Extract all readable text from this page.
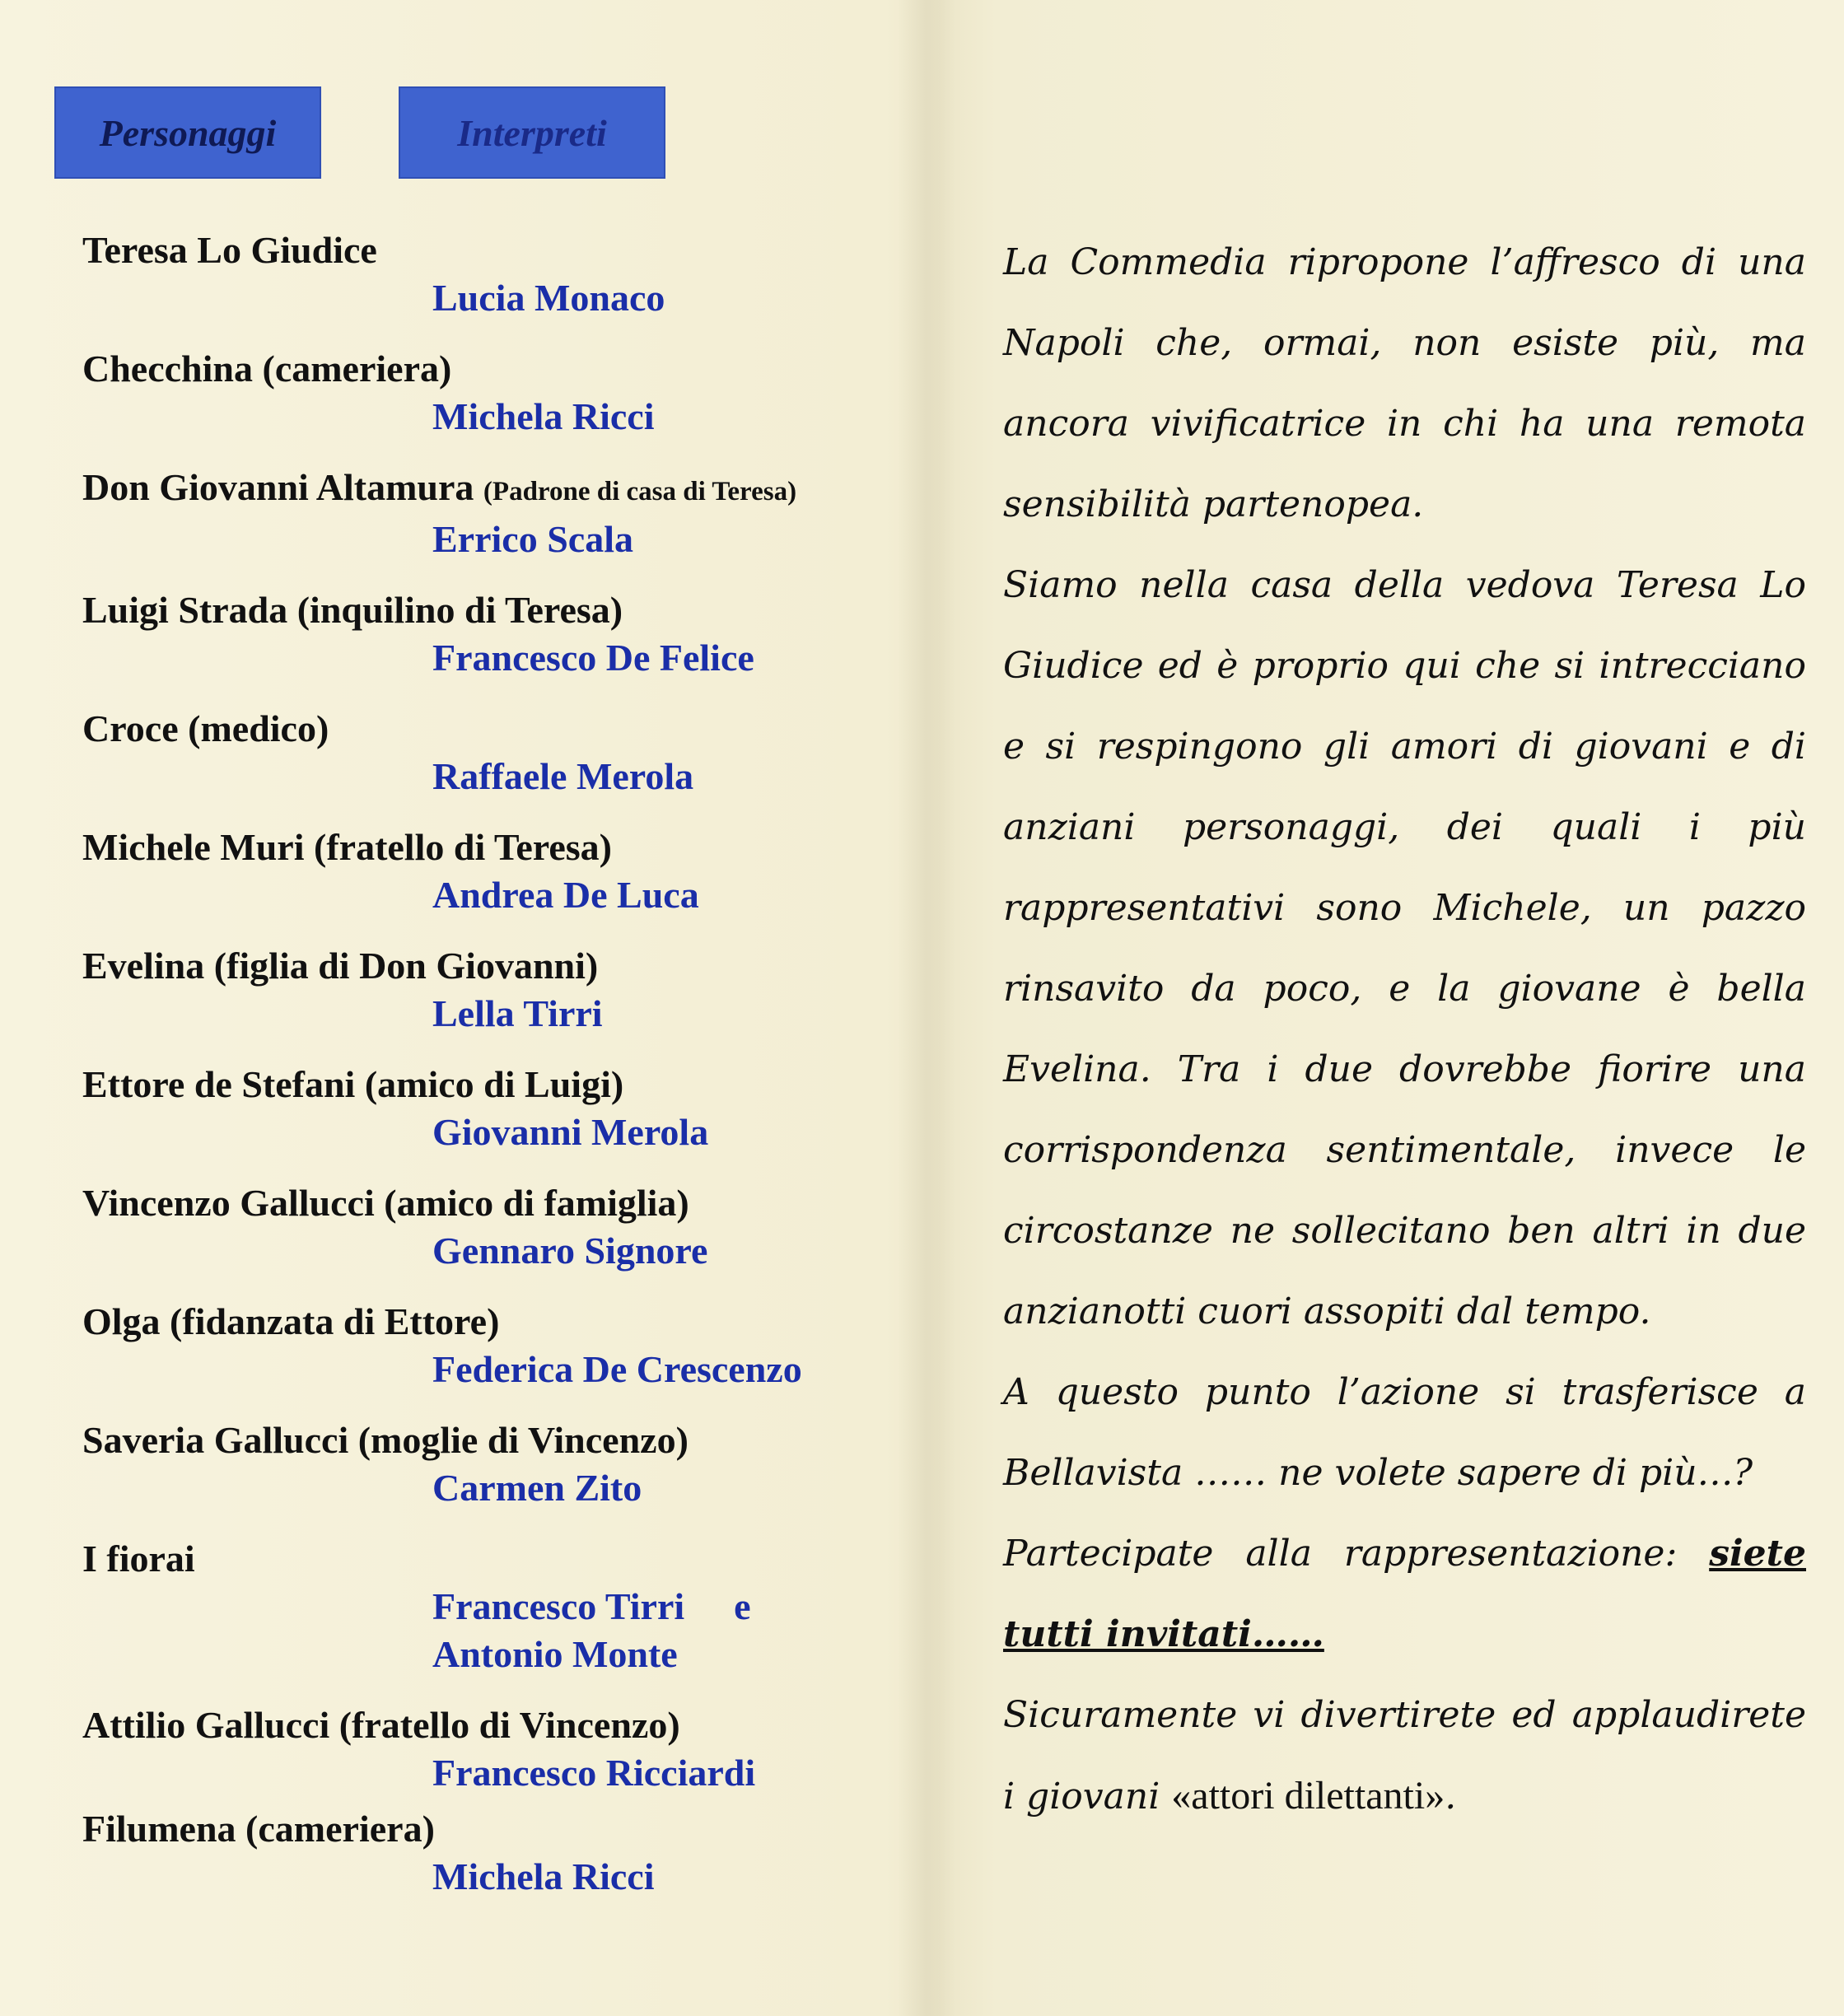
Personaggi	Interpreti
Teresa Lo Giudice
Lucia Monaco
Checchina (cameriera)
Michela Ricci
Don Giovanni Altamura (Padrone di casa di Teresa)
Errico Scala
Luigi Strada (inquilino di Teresa)
Francesco De Felice
Croce (medico)
Raffaele Merola
Michele Muri (fratello di Teresa)
Andrea De Luca
Evelina (figlia di Don Giovanni)
Lella Tirri
Ettore de Stefani (amico di Luigi)
Giovanni Merola
Vincenzo Gallucci (amico di famiglia)
Gennaro Signore
Olga (fidanzata di Ettore)
Federica De Crescenzo
Saveria Gallucci (moglie di Vincenzo)
Carmen Zito
I fiorai
Francesco Tirri e
Antonio Monte
Attilio Gallucci (fratello di Vincenzo)
Francesco Ricciardi
Filumena (cameriera)
Michela Ricci

La Commedia ripropone l’affresco di una Napoli che, ormai, non esiste più, ma ancora vivificatrice in chi ha una remota sensibilità partenopea.

Siamo nella casa della vedova Teresa Lo Giudice ed è proprio qui che si intrecciano e si respingono gli amori di giovani e di anziani personaggi, dei quali i più rappresentativi sono Michele, un pazzo rinsavito da poco, e la giovane è bella Evelina. Tra i due dovrebbe fiorire una corrispondenza sentimentale, invece le circostanze ne sollecitano ben altri in due anzianotti cuori assopiti dal tempo.

A questo punto l’azione si trasferisce a Bellavista …… ne volete sapere di più…?

Partecipate alla rappresentazione: siete tutti invitati……

Sicuramente vi divertirete ed applaudirete i giovani «attori dilettanti».
